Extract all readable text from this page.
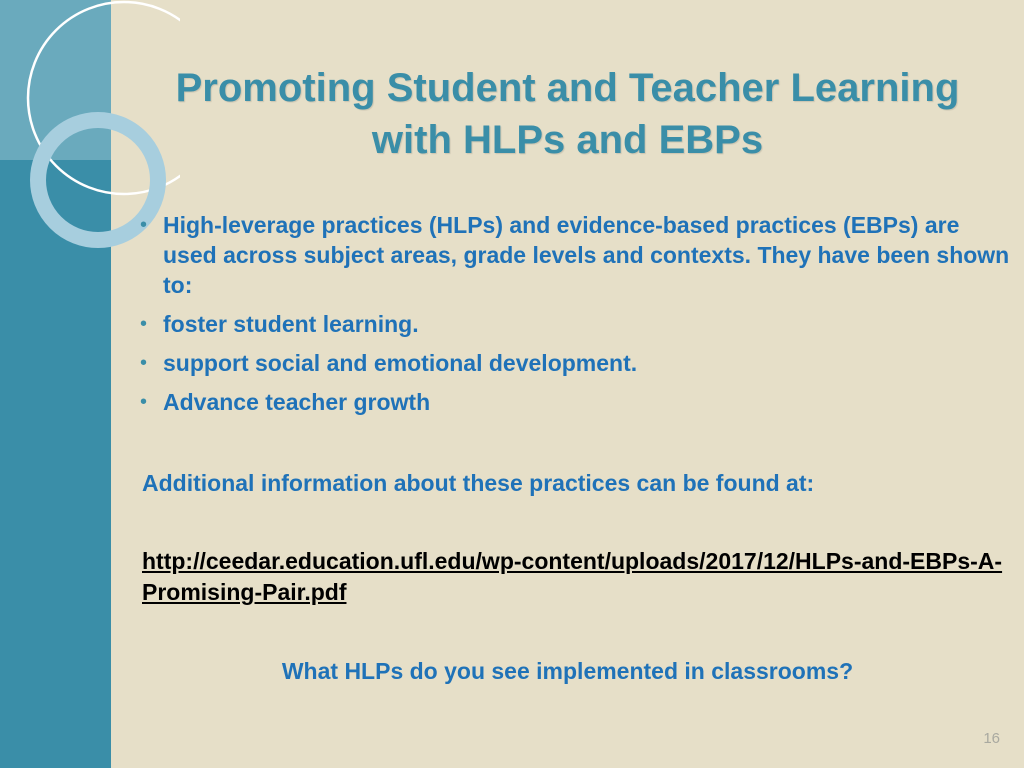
Promoting Student and Teacher Learning
with HLPs and EBPs
• High-leverage practices (HLPs) and evidence-based practices (EBPs) are used across subject areas, grade levels and contexts. They have been shown to:
• foster student learning.
• support social and emotional development.
• Advance teacher growth
Additional information about these practices can be found at:
http://ceedar.education.ufl.edu/wp-content/uploads/2017/12/HLPs-and-EBPs-A-Promising-Pair.pdf
What HLPs do you see implemented in classrooms?
16
